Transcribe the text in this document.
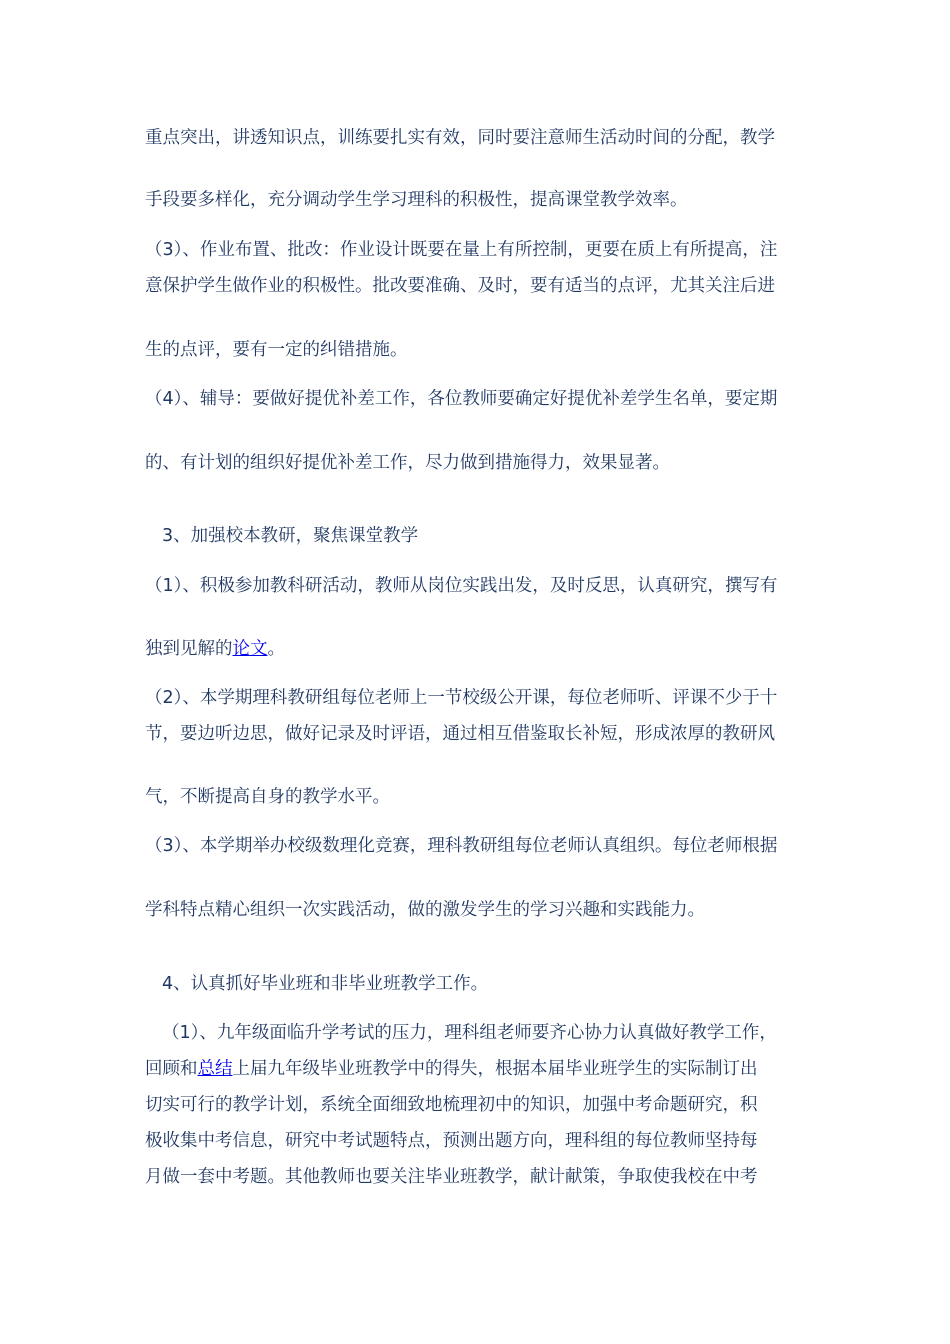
重点突出，讲透知识点，训练要扎实有效，同时要注意师生活动时间的分配，教学
手段要多样化，充分调动学生学习理科的积极性，提高课堂教学效率。
（3）、作业布置、批改：作业设计既要在量上有所控制，更要在质上有所提高，注
意保护学生做作业的积极性。批改要准确、及时，要有适当的点评，尤其关注后进
生的点评，要有一定的纠错措施。
（4）、辅导：要做好提优补差工作，各位教师要确定好提优补差学生名单，要定期
的、有计划的组织好提优补差工作，尽力做到措施得力，效果显著。
3、加强校本教研，聚焦课堂教学
（1）、积极参加教科研活动，教师从岗位实践出发，及时反思，认真研究，撰写有
独到见解的论文。
（2）、本学期理科教研组每位老师上一节校级公开课，每位老师听、评课不少于十
节，要边听边思，做好记录及时评语，通过相互借鉴取长补短，形成浓厚的教研风
气，不断提高自身的教学水平。
（3）、本学期举办校级数理化竞赛，理科教研组每位老师认真组织。每位老师根据
学科特点精心组织一次实践活动，做的激发学生的学习兴趣和实践能力。
4、认真抓好毕业班和非毕业班教学工作。
（1）、九年级面临升学考试的压力，理科组老师要齐心协力认真做好教学工作，
回顾和总结上届九年级毕业班教学中的得失，根据本届毕业班学生的实际制订出
切实可行的教学计划，系统全面细致地梳理初中的知识，加强中考命题研究，积
极收集中考信息，研究中考试题特点，预测出题方向，理科组的每位教师坚持每
月做一套中考题。其他教师也要关注毕业班教学，献计献策，争取使我校在中考
